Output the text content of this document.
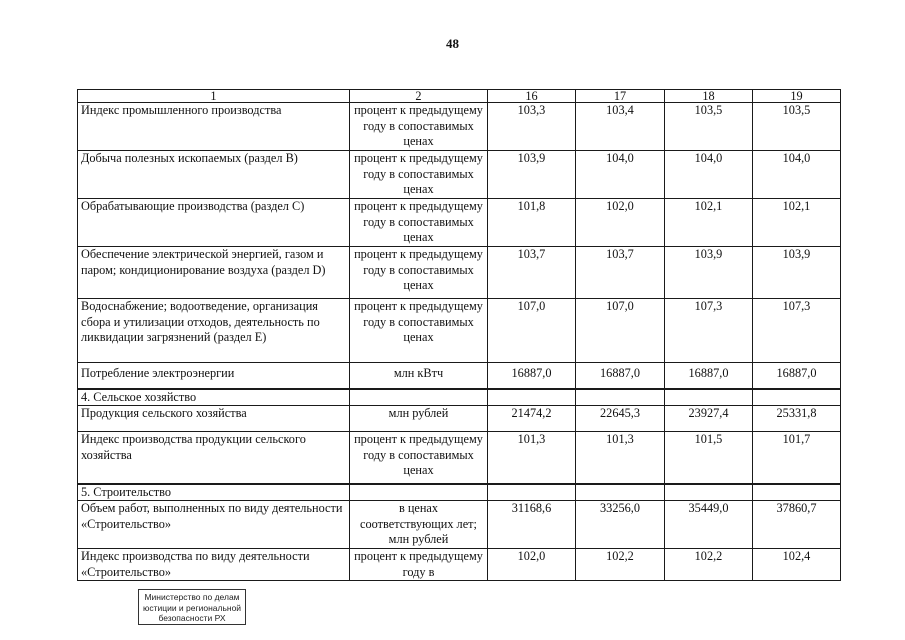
48
1	2	16	17	18	19
Индекс промышленного производства	процент к предыдущему году в сопоставимых ценах	103,3	103,4	103,5	103,5
Добыча полезных ископаемых (раздел B)	процент к предыдущему году в сопоставимых ценах	103,9	104,0	104,0	104,0
Обрабатывающие производства (раздел C)	процент к предыдущему году в сопоставимых ценах	101,8	102,0	102,1	102,1
Обеспечение электрической энергией, газом и паром; кондиционирование воздуха (раздел D)	процент к предыдущему году в сопоставимых ценах	103,7	103,7	103,9	103,9
Водоснабжение; водоотведение, организация сбора и утилизации отходов, деятельность по ликвидации загрязнений (раздел E)	процент к предыдущему году в сопоставимых ценах	107,0	107,0	107,3	107,3
Потребление электроэнергии	млн кВтч	16887,0	16887,0	16887,0	16887,0
4. Сельское хозяйство					
Продукция сельского хозяйства	млн рублей	21474,2	22645,3	23927,4	25331,8
Индекс производства продукции сельского хозяйства	процент к предыдущему году в сопоставимых ценах	101,3	101,3	101,5	101,7
5. Строительство					
Объем работ, выполненных по виду деятельности «Строительство»	в ценах соответствующих лет; млн рублей	31168,6	33256,0	35449,0	37860,7
Индекс производства по виду деятельности «Строительство»	процент к предыдущему году в	102,0	102,2	102,2	102,4
Министерство по делам
юстиции и региональной
безопасности РХ
